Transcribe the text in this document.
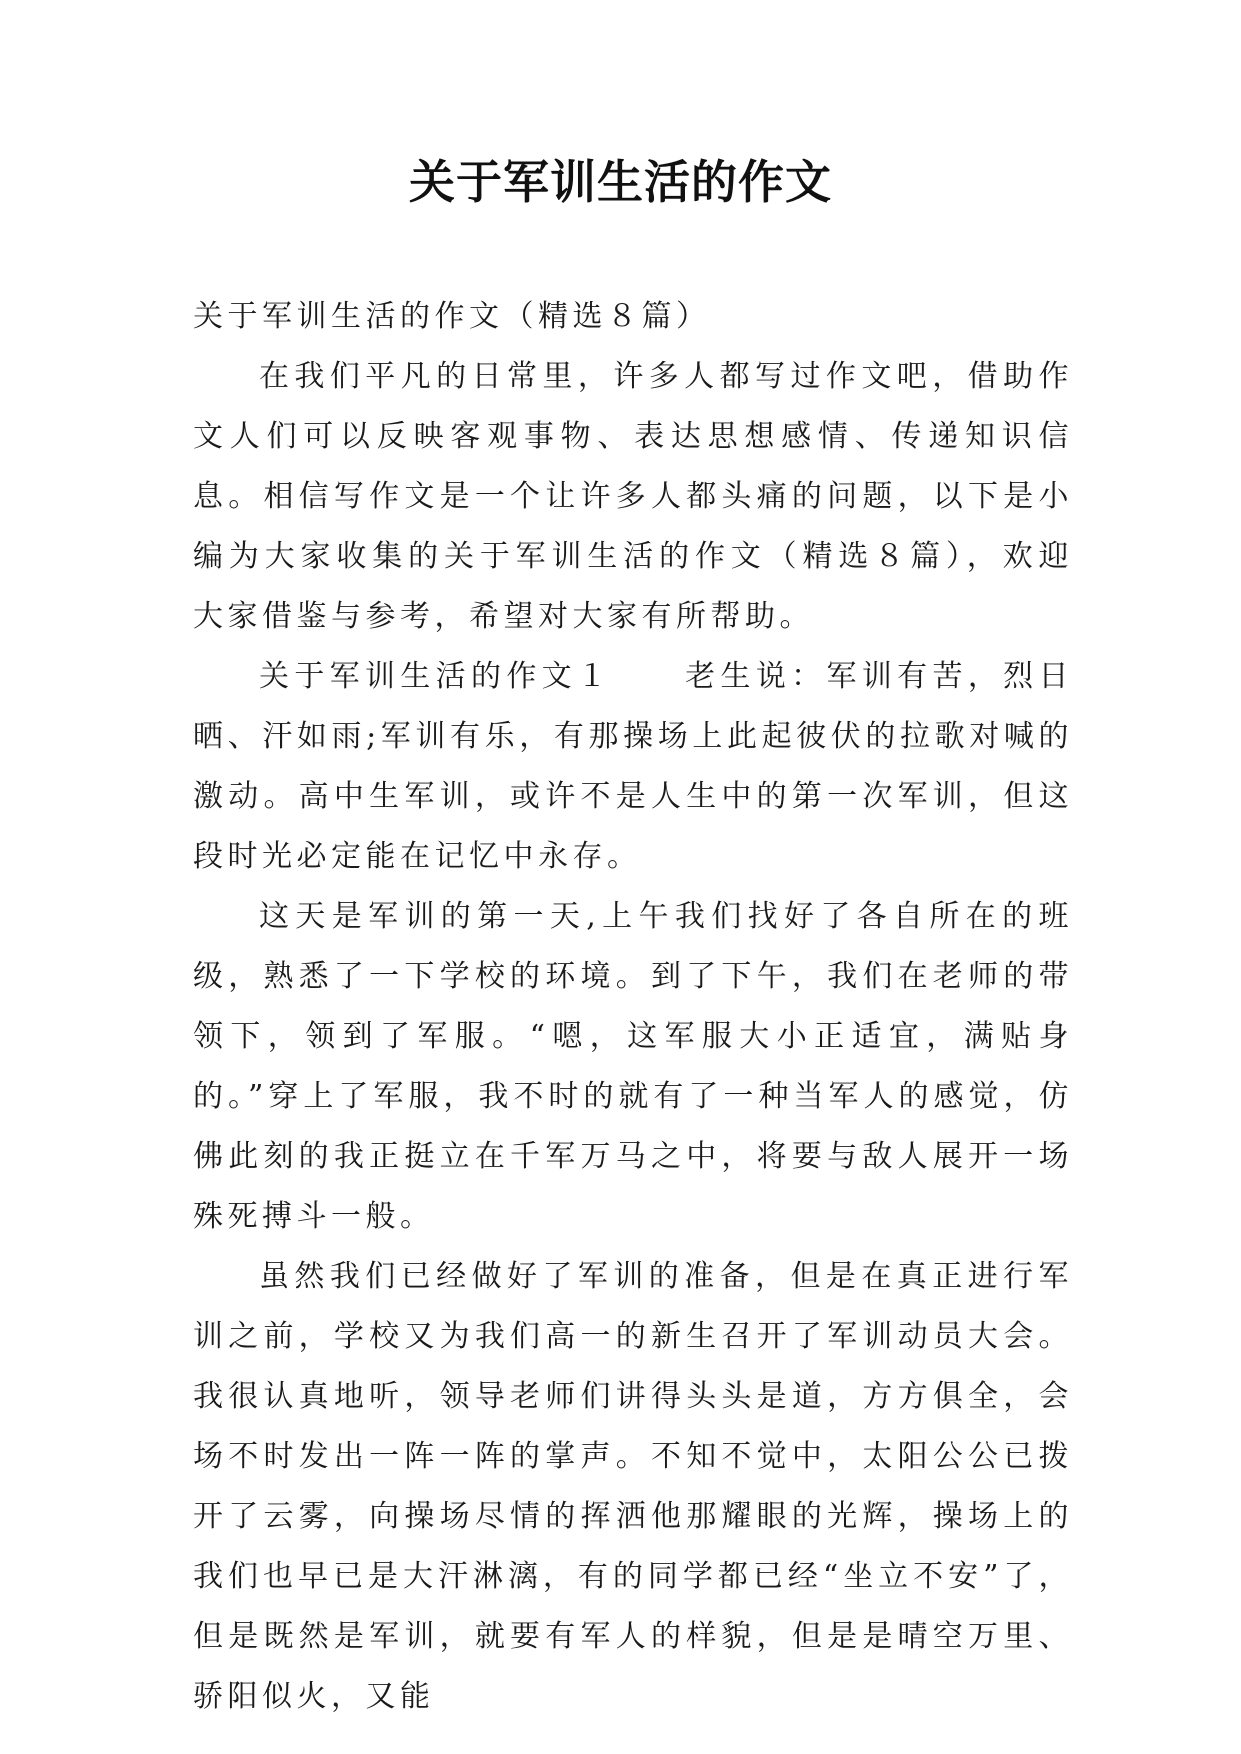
关于军训生活的作文

关于军训生活的作文（精选８篇）

在我们平凡的日常里，许多人都写过作文吧，借助作文人们可以反映客观事物、表达思想感情、传递知识信息。相信写作文是一个让许多人都头痛的问题，以下是小编为大家收集的关于军训生活的作文（精选８篇），欢迎大家借鉴与参考，希望对大家有所帮助。

关于军训生活的作文１ 老生说：军训有苦，烈日晒、汗如雨;军训有乐，有那操场上此起彼伏的拉歌对喊的激动。高中生军训，或许不是人生中的第一次军训，但这段时光必定能在记忆中永存。

这天是军训的第一天,上午我们找好了各自所在的班级，熟悉了一下学校的环境。到了下午，我们在老师的带领下，领到了军服。“嗯，这军服大小正适宜，满贴身的。”穿上了军服，我不时的就有了一种当军人的感觉，仿佛此刻的我正挺立在千军万马之中，将要与敌人展开一场殊死搏斗一般。

虽然我们已经做好了军训的准备，但是在真正进行军训之前，学校又为我们高一的新生召开了军训动员大会。我很认真地听，领导老师们讲得头头是道，方方俱全，会场不时发出一阵一阵的掌声。不知不觉中，太阳公公已拨开了云雾，向操场尽情的挥洒他那耀眼的光辉，操场上的我们也早已是大汗淋漓，有的同学都已经“坐立不安”了，但是既然是军训，就要有军人的样貌，但是是晴空万里、骄阳似火，又能
